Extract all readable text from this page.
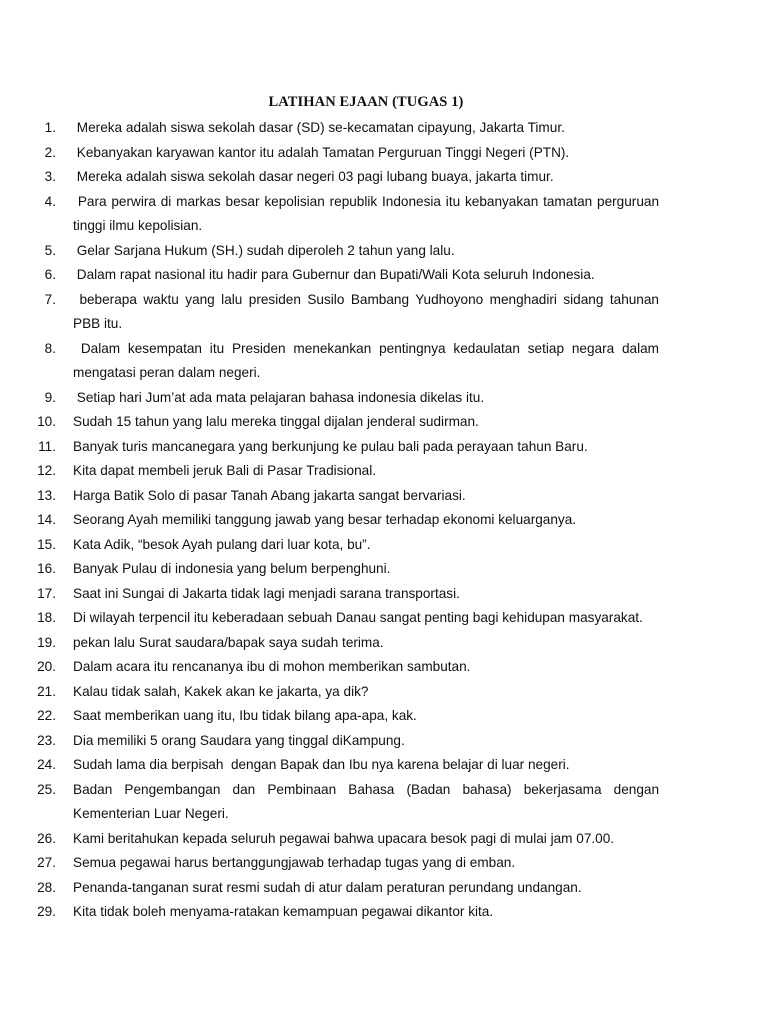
LATIHAN EJAAN (TUGAS 1)
1.	Mereka adalah siswa sekolah dasar (SD) se-kecamatan cipayung, Jakarta Timur.
2.	Kebanyakan karyawan kantor itu adalah Tamatan Perguruan Tinggi Negeri (PTN).
3.	Mereka adalah siswa sekolah dasar negeri 03 pagi lubang buaya, jakarta timur.
4.	Para perwira di markas besar kepolisian republik Indonesia itu kebanyakan tamatan perguruan tinggi ilmu kepolisian.
5.	Gelar Sarjana Hukum (SH.) sudah diperoleh 2 tahun yang lalu.
6.	Dalam rapat nasional itu hadir para Gubernur dan Bupati/Wali Kota seluruh Indonesia.
7.	beberapa waktu yang lalu presiden Susilo Bambang Yudhoyono menghadiri sidang tahunan PBB itu.
8.	Dalam kesempatan itu Presiden menekankan pentingnya kedaulatan setiap negara dalam mengatasi peran dalam negeri.
9.	Setiap hari Jum’at ada mata pelajaran bahasa indonesia dikelas itu.
10.	Sudah 15 tahun yang lalu mereka tinggal dijalan jenderal sudirman.
11.	Banyak turis mancanegara yang berkunjung ke pulau bali pada perayaan tahun Baru.
12.	Kita dapat membeli jeruk Bali di Pasar Tradisional.
13.	Harga Batik Solo di pasar Tanah Abang jakarta sangat bervariasi.
14.	Seorang Ayah memiliki tanggung jawab yang besar terhadap ekonomi keluarganya.
15.	Kata Adik, “besok Ayah pulang dari luar kota, bu”.
16.	Banyak Pulau di indonesia yang belum berpenghuni.
17.	Saat ini Sungai di Jakarta tidak lagi menjadi sarana transportasi.
18.	Di wilayah terpencil itu keberadaan sebuah Danau sangat penting bagi kehidupan masyarakat.
19.	pekan lalu Surat saudara/bapak saya sudah terima.
20.	Dalam acara itu rencananya ibu di mohon memberikan sambutan.
21.	Kalau tidak salah, Kakek akan ke jakarta, ya dik?
22.	Saat memberikan uang itu, Ibu tidak bilang apa-apa, kak.
23.	Dia memiliki 5 orang Saudara yang tinggal diKampung.
24.	Sudah lama dia berpisah  dengan Bapak dan Ibu nya karena belajar di luar negeri.
25.	Badan Pengembangan dan Pembinaan Bahasa (Badan bahasa) bekerjasama dengan Kementerian Luar Negeri.
26.	Kami beritahukan kepada seluruh pegawai bahwa upacara besok pagi di mulai jam 07.00.
27.	Semua pegawai harus bertanggungjawab terhadap tugas yang di emban.
28.	Penanda-tanganan surat resmi sudah di atur dalam peraturan perundang undangan.
29.	Kita tidak boleh menyama-ratakan kemampuan pegawai dikantor kita.
